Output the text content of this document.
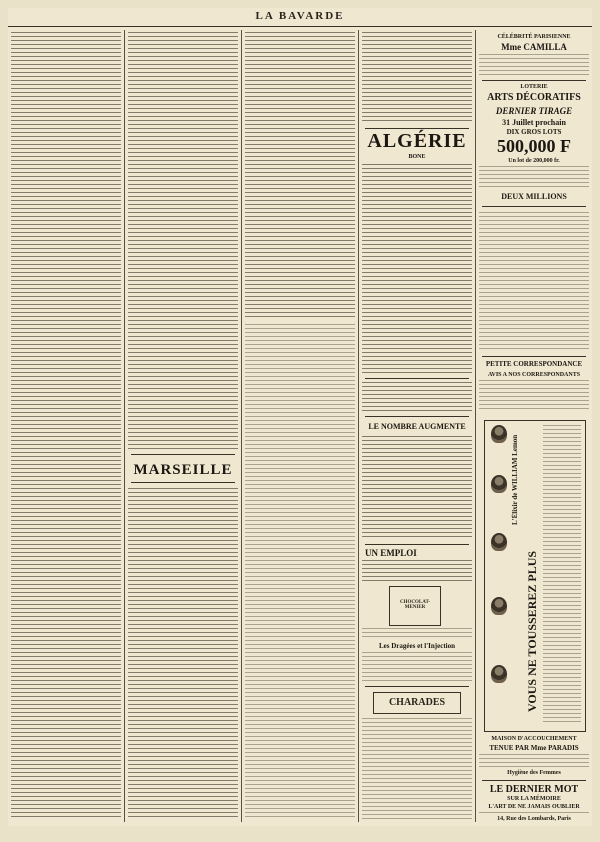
LA BAVARDE
MARSEILLE
ALGÉRIE
BONE
LE NOMBRE AUGMENTE
UN EMPLOI
CHOCOLAT-MENIER
Les Dragées et l'Injection
CHARADES
CÉLÉBRITÉ PARISIENNE
Mme CAMILLA
LOTERIE
ARTS DÉCORATIFS
DERNIER TIRAGE
31 Juillet prochain
DIX GROS LOTS
500,000 F
Un lot de 200,000 fr.
DEUX MILLIONS
PETITE CORRESPONDANCE
AVIS A NOS CORRESPONDANTS
L'Élixir de WILLIAM Lemon
VOUS NE TOUSSEREZ PLUS
MAISON D'ACCOUCHEMENT
TENUE PAR Mme PARADIS
Hygiène des Femmes
LE DERNIER MOT
SUR LA MÉMOIRE
L'ART DE NE JAMAIS OUBLIER
14, Rue des Lombards, Paris
